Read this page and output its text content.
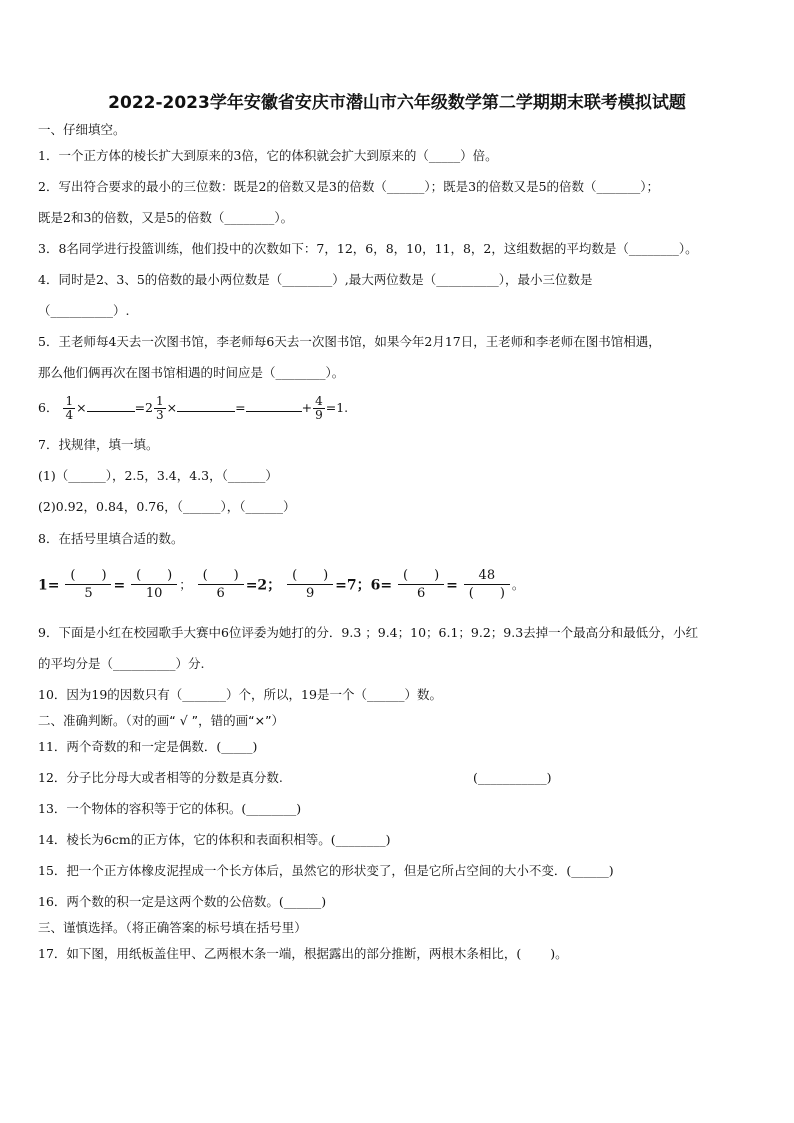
2022-2023学年安徽省安庆市潜山市六年级数学第二学期期末联考模拟试题
一、仔细填空。
1．一个正方体的棱长扩大到原来的3倍，它的体积就会扩大到原来的（_____）倍。
2．写出符合要求的最小的三位数：既是2的倍数又是3的倍数（______）；既是3的倍数又是5的倍数（_______）；
既是2和3的倍数，又是5的倍数（________）。
3．8名同学进行投篮训练，他们投中的次数如下：7，12，6，8，10，11，8，2，这组数据的平均数是（________）。
4．同时是2、3、5的倍数的最小两位数是（________）,最大两位数是（__________），最小三位数是
（__________）.
5．王老师每4天去一次图书馆，李老师每6天去一次图书馆，如果今年2月17日，王老师和李老师在图书馆相遇，
那么他们俩再次在图书馆相遇的时间应是（________）。
6． $\frac{1}{4}$ ×	$=2 \frac{1}{3}$ ×	=	+ $\frac{4}{9} =1$.
7．找规律，填一填。
(1)（______），2.5，3.4，4.3，（______）
(2)0.92，0.84，0.76，（______），（______）
8．在括号里填合适的数。
$1= \frac{( )}{5} = \frac{( )}{10}$ ； $\frac{( )}{6} =2$； $\frac{( )}{9} =7$；$6= \frac{( )}{6} = \frac{48}{( )}$ 。
9．下面是小红在校园歌手大赛中6位评委为她打的分．9.3 ；9.4；10；6.1；9.2；9.3去掉一个最高分和最低分，小红
的平均分是（__________）分.
10．因为19的因数只有（_______）个，所以，19是一个（______）数。
二、准确判断。（对的画“ √ ”，错的画“×”）
11．两个奇数的和一定是偶数．(_____)
12．分子比分母大或者相等的分数是真分数.	(___________)
13．一个物体的容积等于它的体积。(________)
14．棱长为6cm的正方体，它的体积和表面积相等。(________)
15．把一个正方体橡皮泥捏成一个长方体后，虽然它的形状变了，但是它所占空间的大小不变．(______)
16．两个数的积一定是这两个数的公倍数。(______)
三、谨慎选择。（将正确答案的标号填在括号里）
17．如下图，用纸板盖住甲、乙两根木条一端，根据露出的部分推断，两根木条相比，(　　 )。
